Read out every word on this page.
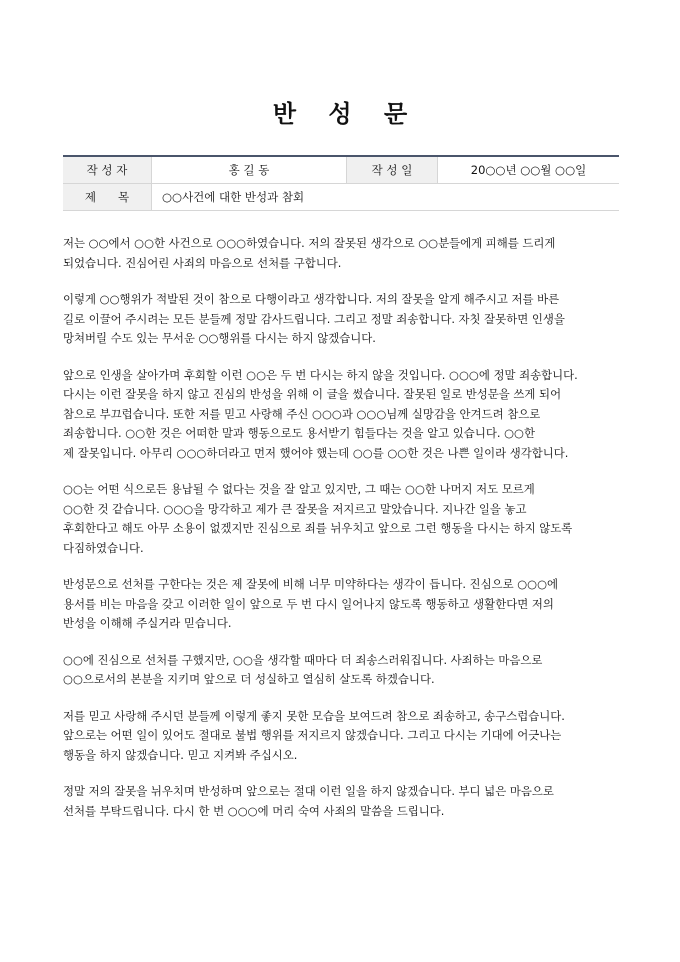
반 성 문
작 성 자	홍 길 동	작 성 일	20○○년 ○○월 ○○일
제      목	○○사건에 대한 반성과 참회		
저는 ○○에서 ○○한 사건으로 ○○○하였습니다. 저의 잘못된 생각으로 ○○분들에게 피해를 드리게
되었습니다. 진심어린 사죄의 마음으로 선처를 구합니다.
이렇게 ○○행위가 적발된 것이 참으로 다행이라고 생각합니다. 저의 잘못을 알게 해주시고 저를 바른
길로 이끌어 주시려는 모든 분들께 정말 감사드립니다. 그리고 정말 죄송합니다. 자칫 잘못하면 인생을
망쳐버릴 수도 있는 무서운 ○○행위를 다시는 하지 않겠습니다.
앞으로 인생을 살아가며 후회할 이런 ○○은 두 번 다시는 하지 않을 것입니다. ○○○에 정말 죄송합니다.
다시는 이런 잘못을 하지 않고 진심의 반성을 위해 이 글을 썼습니다. 잘못된 일로 반성문을 쓰게 되어
참으로 부끄럽습니다. 또한 저를 믿고 사랑해 주신 ○○○과 ○○○님께 실망감을 안겨드려 참으로
죄송합니다. ○○한 것은 어떠한 말과 행동으로도 용서받기 힘들다는 것을 알고 있습니다. ○○한
제 잘못입니다. 아무리 ○○○하더라고 먼저 했어야 했는데 ○○를 ○○한 것은 나쁜 일이라 생각합니다.
○○는 어떤 식으로든 용납될 수 없다는 것을 잘 알고 있지만, 그 때는 ○○한 나머지 저도 모르게
○○한 것 같습니다. ○○○을 망각하고 제가 큰 잘못을 저지르고 말았습니다. 지나간 일을 놓고
후회한다고 해도 아무 소용이 없겠지만 진심으로 죄를 뉘우치고 앞으로 그런 행동을 다시는 하지 않도록
다짐하였습니다.
반성문으로 선처를 구한다는 것은 제 잘못에 비해 너무 미약하다는 생각이 듭니다. 진심으로 ○○○에
용서를 비는 마음을 갖고 이러한 일이 앞으로 두 번 다시 일어나지 않도록 행동하고 생활한다면 저의
반성을 이해해 주실거라 믿습니다.
○○에 진심으로 선처를 구했지만, ○○을 생각할 때마다 더 죄송스러워집니다. 사죄하는 마음으로
○○으로서의 본분을 지키며 앞으로 더 성실하고 열심히 살도록 하겠습니다.
저를 믿고 사랑해 주시던 분들께 이렇게 좋지 못한 모습을 보여드려 참으로 죄송하고, 송구스럽습니다.
앞으로는 어떤 일이 있어도 절대로 불법 행위를 저지르지 않겠습니다. 그리고 다시는 기대에 어긋나는
행동을 하지 않겠습니다. 믿고 지켜봐 주십시오.
정말 저의 잘못을 뉘우치며 반성하며 앞으로는 절대 이런 일을 하지 않겠습니다. 부디 넓은 마음으로
선처를 부탁드립니다. 다시 한 번 ○○○에 머리 숙여 사죄의 말씀을 드립니다.
